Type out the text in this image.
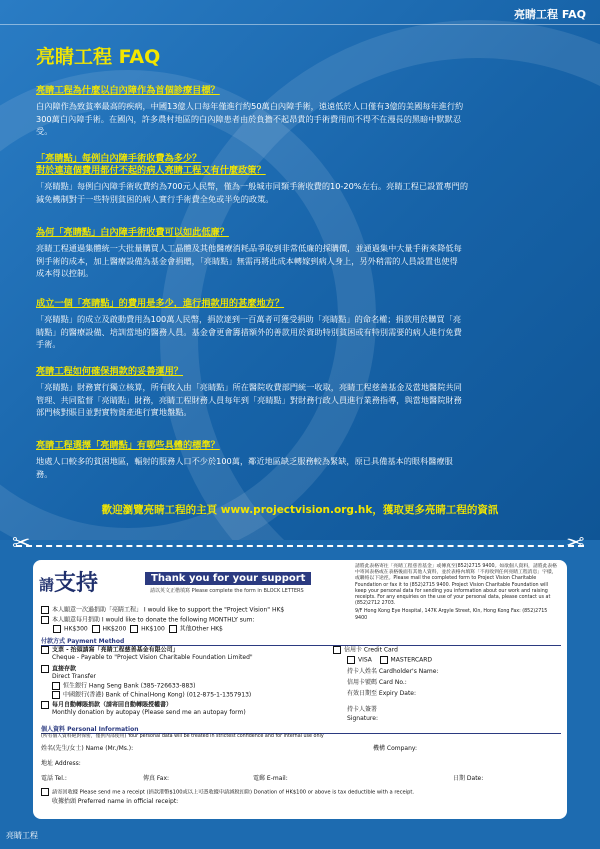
亮睛工程 FAQ
亮睛工程 FAQ
亮睛工程為什麼以白內障作為首個診療目標？
白內障作為致貧率最高的疾病，中國13億人口每年僅進行約50萬白內障手術，遠遠低於人口僅有3億的美國每年進行約
300萬白內障手術。在國內，許多農村地區的白內障患者由於負擔不起昂貴的手術費用而不得不在漫長的黑暗中默默忍
受。
「亮睛點」每例白內障手術收費為多少？
對於連這個費用都付不起的病人亮睛工程又有什麼政策？
「亮睛點」每例白內障手術收費約為700元人民幣，僅為一般城市同類手術收費的10-20%左右。亮睛工程已設置專門的
減免機制對于一些特別貧困的病人實行手術費全免或半免的政策。
為何「亮睛點」白內障手術收費可以如此低廉？
亮睛工程通過集體統一大批量購買人工晶體及其他醫療消耗品爭取到非常低廉的採購價，並通過集中大量手術來降低每
例手術的成本，加上醫療設備為基金會捐贈，「亮睛點」無需再將此成本轉嫁到病人身上，另外稍需的人員設置也使得
成本得以控制。
成立一個「亮睛點」的費用是多少，進行捐款用的甚麼地方？
「亮睛點」的成立及啟動費用為100萬人民幣，捐款達到一百萬者可獲受捐助「亮睛點」的命名權；捐款用於購買「亮
睛點」的醫療設備、培訓當地的醫務人員。基金會更會籌措額外的善款用於資助特別貧困或有特別需要的病人進行免費
手術。
亮睛工程如何確保捐款的妥善運用？
「亮睛點」財務實行獨立核算，所有收入由「亮睛點」所在醫院收費部門統一收取，亮睛工程慈善基金及當地醫院共同
管理、共同監督「亮睛點」財務，亮睛工程財務人員每年到「亮睛點」對財務行政人員進行業務指導，與當地醫院財務
部門核對賬目並對實物資產進行實地盤點。
亮睛工程選擇「亮睛點」有哪些具體的標準？
地處人口較多的貧困地區，輻射的服務人口不少於100萬，鄰近地區缺乏服務較為緊缺，原已具備基本的眼科醫療服
務。
歡迎瀏覽亮睛工程的主頁 www.projectvision.org.hk，獲取更多亮睛工程的資訊
✂	✂
請支持	Thank you for your support
請以英文正楷填寫 Please complete the form in BLOCK LETTERS
本人願意一次過捐助「亮睛工程」 I would like to support the "Project Vision" HK$
本人願意每月捐助 I would like to donate the following MONTHLY sum:
HK$300 HK$200 HK$100 其他Other HK$
付款方式 Payment Method
支票 - 抬頭請寫「亮睛工程慈善基金有限公司」
Cheque - Payable to "Project Vision Charitable Foundation Limited"
直接存款
Direct Transfer
恒生銀行 Hang Seng Bank (385-726633-883)
中國銀行(香港) Bank of China(Hong Kong) (012-875-1-1357913)
每月自動轉賬捐款（請寄回自動轉賬授權書）
Monthly donation by autopay (Please send me an autopay form)
信用卡 Credit Card
VISA	MASTERCARD
持卡人姓名 Cardholder's Name:
信用卡號碼 Card No.:
有效日期至 Expiry Date:
持卡人簽署
Signature:
個人資料 Personal Information
(所有個人資料絕對保密，僅供內部使用) Your personal data will be treated in strictest confidence and for internal use only
姓名(先生/女士) Name (Mr./Ms.):	機構 Company:
地址 Address:
電話 Tel.:	傳真 Fax:	電郵 E-mail:	日期 Date:
請寄回收據 Please send me a receipt (捐款港幣$100或以上可憑收據申請減稅扣除) Donation of HK$100 or above is tax deductible with a receipt.
收據抬頭 Preferred name in official receipt:
請將此表格寄往「亮睛工程慈善基金」或傳真至(852)2715 9400。如欲個人資料，請將此表格中寄回表格或在表格後面有其他人資料，並於表格內填寫「不再收到任何亮睛工程消息」字樣，或聯絡以下途徑。Please mail the completed form to Project Vision Charitable Foundation or fax it to (852)2715 9400. Project Vision Charitable Foundation will keep your personal data for sending you information about our work and raising receipts. For any enquiries on the use of your personal data, please contact us at (852)2712 2703.
9/F Hong Kong Eye Hospital, 147K Argyle Street, Kln, Hong Kong Fax: (852)2715 9400
亮睛工程
